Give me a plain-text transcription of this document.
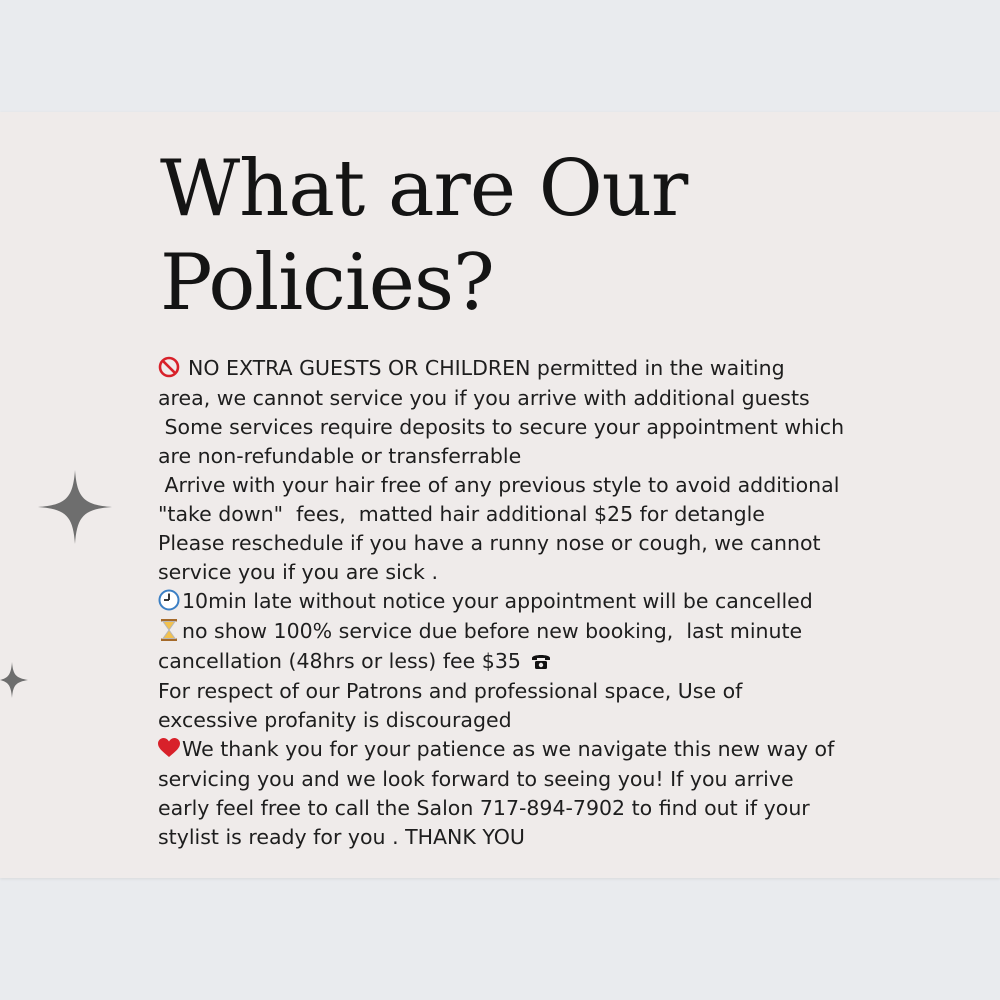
What are Our
Policies?
NO EXTRA GUESTS OR CHILDREN permitted in the waiting
area, we cannot service you if you arrive with additional guests
Some services require deposits to secure your appointment which
are non-refundable or transferrable
Arrive with your hair free of any previous style to avoid additional
"take down"  fees,  matted hair additional $25 for detangle
Please reschedule if you have a runny nose or cough, we cannot
service you if you are sick .
10min late without notice your appointment will be cancelled
no show 100% service due before new booking,  last minute
cancellation (48hrs or less) fee $35
For respect of our Patrons and professional space, Use of
excessive profanity is discouraged
We thank you for your patience as we navigate this new way of
servicing you and we look forward to seeing you! If you arrive
early feel free to call the Salon 717-894-7902 to find out if your
stylist is ready for you . THANK YOU
